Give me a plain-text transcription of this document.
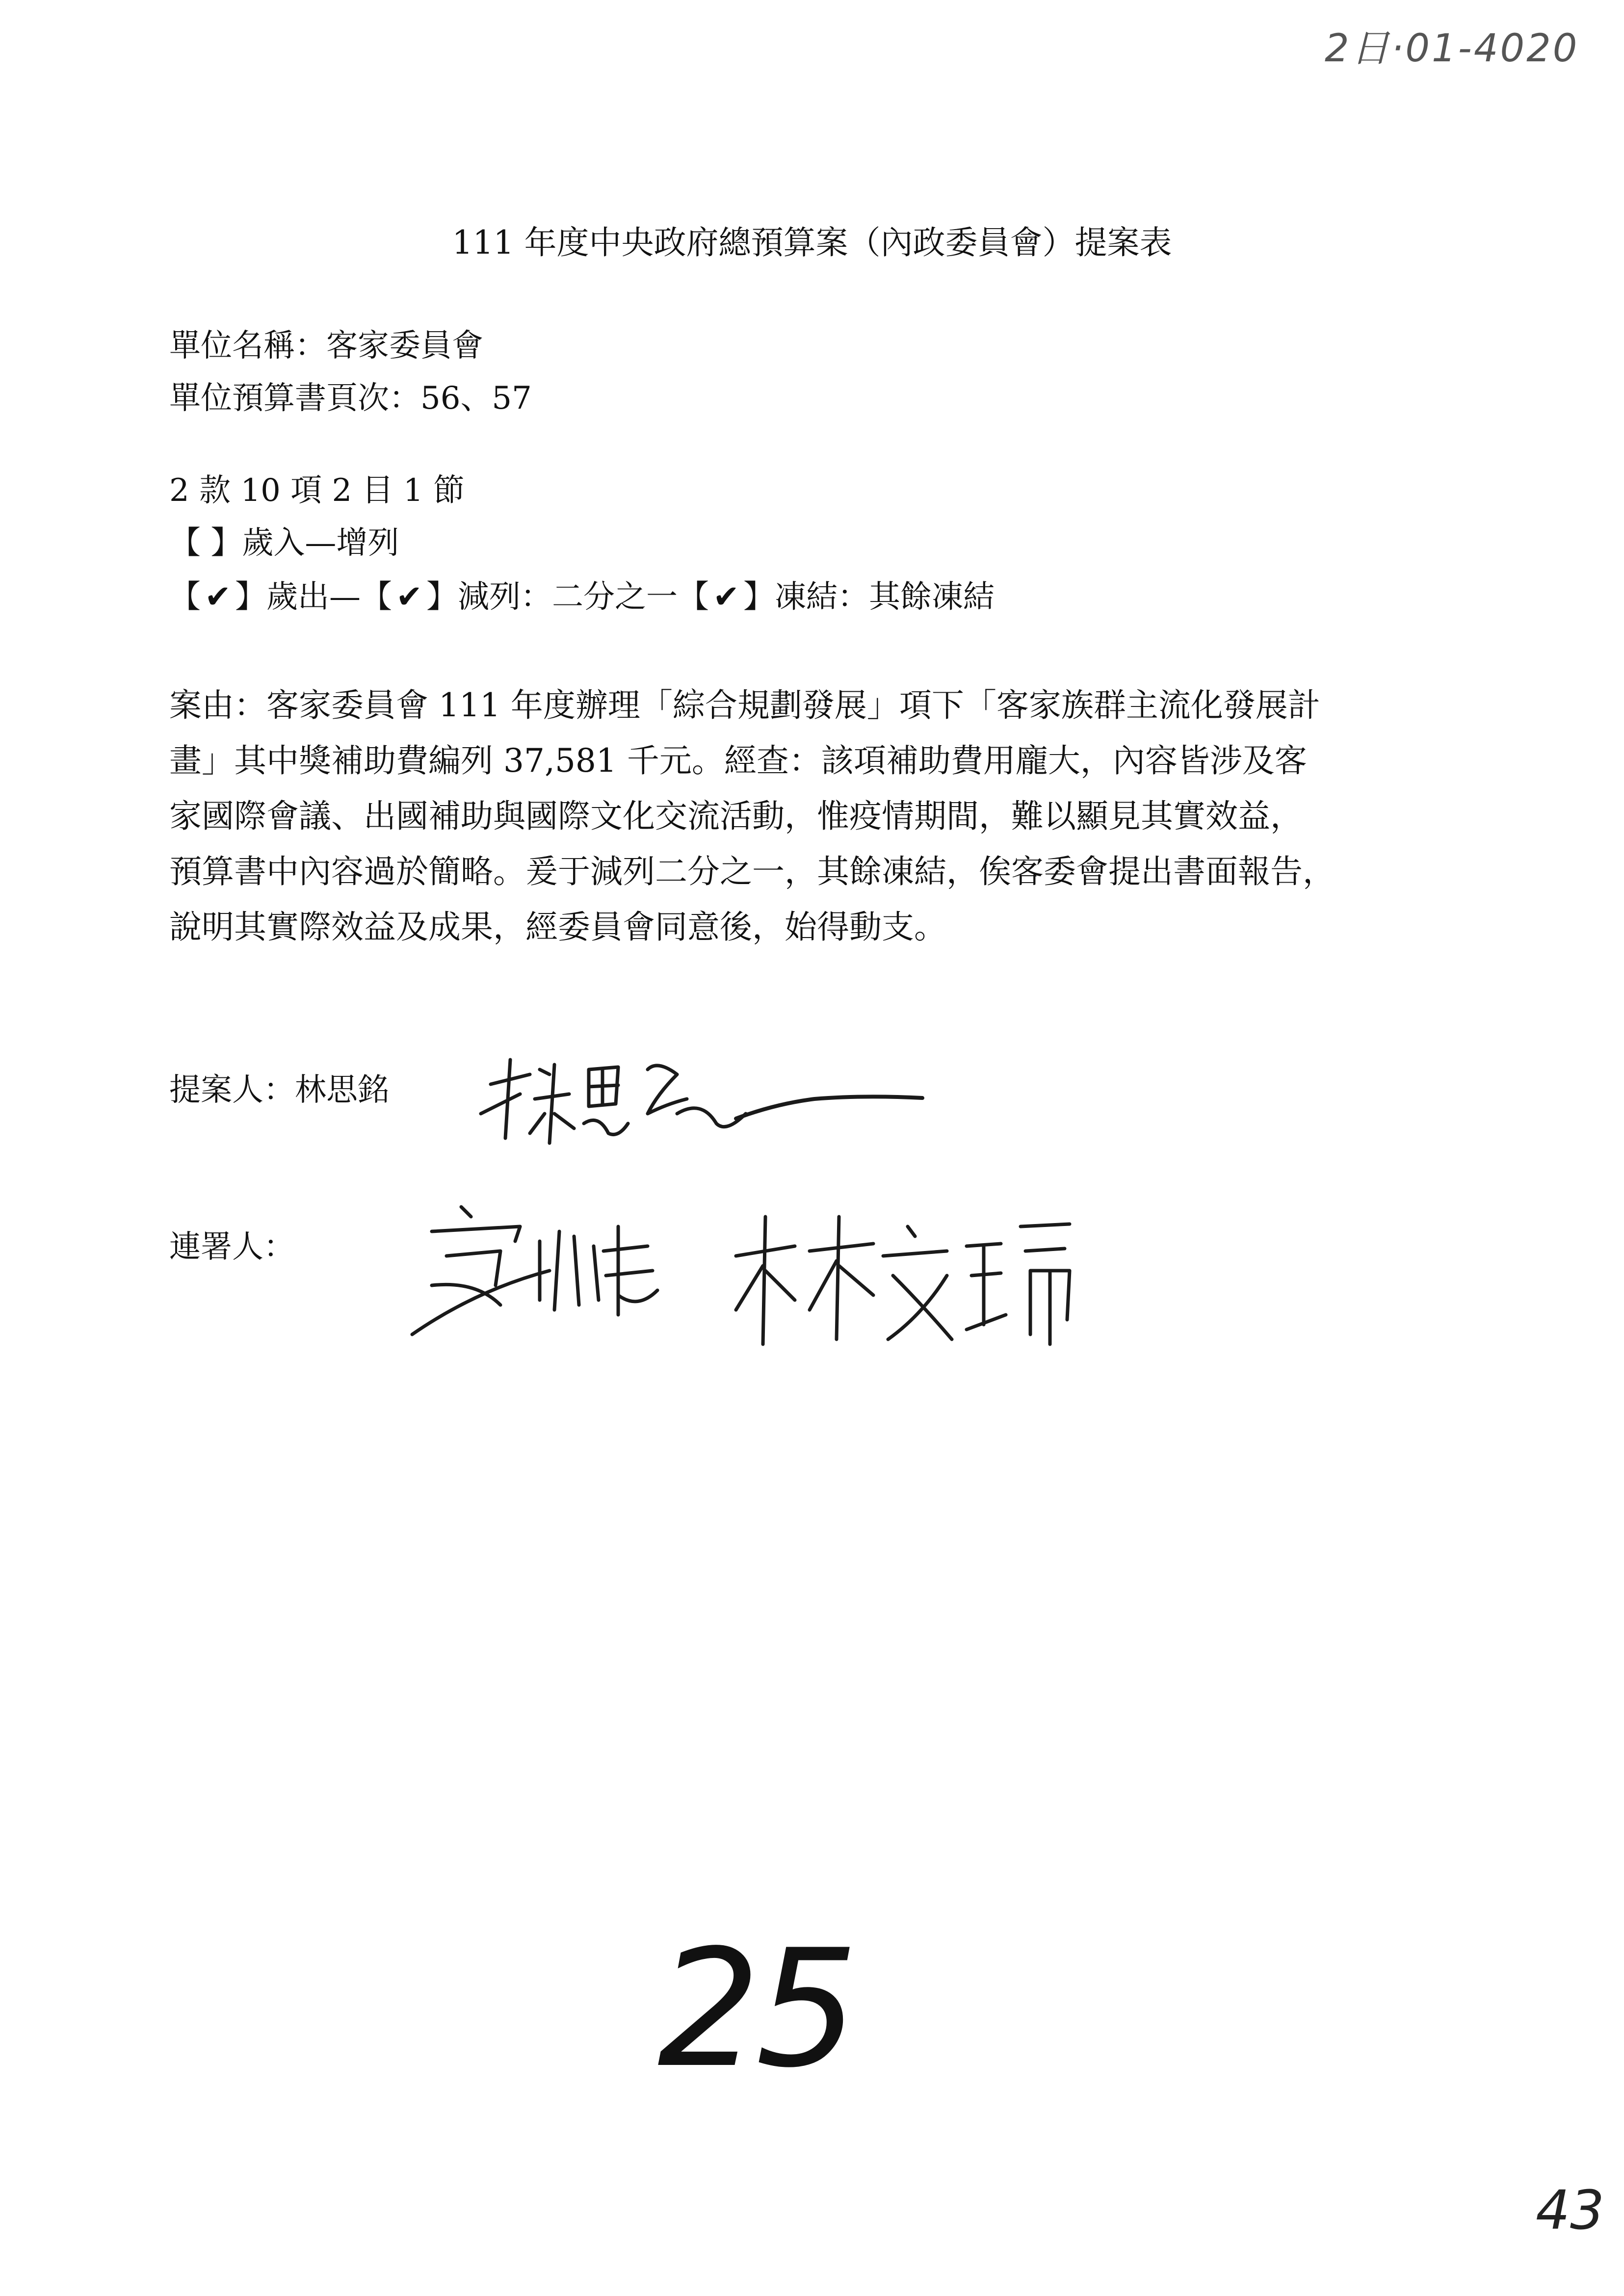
2日·01-4020
111 年度中央政府總預算案（內政委員會）提案表
單位名稱：客家委員會
單位預算書頁次：56、57
2 款 10 項 2 目 1 節
【 】歲入—增列
【 ✔ 】歲出—【 ✔ 】減列：二分之一【 ✔ 】凍結：其餘凍結
案由：客家委員會 111 年度辦理「綜合規劃發展」項下「客家族群主流化發展計
畫」其中獎補助費編列 37,581 千元。經查：該項補助費用龐大，內容皆涉及客
家國際會議、出國補助與國際文化交流活動，惟疫情期間，難以顯見其實效益，
預算書中內容過於簡略。爰于減列二分之一，其餘凍結，俟客委會提出書面報告，
說明其實際效益及成果，經委員會同意後，始得動支。
提案人：林思銘
連署人：
25
43
